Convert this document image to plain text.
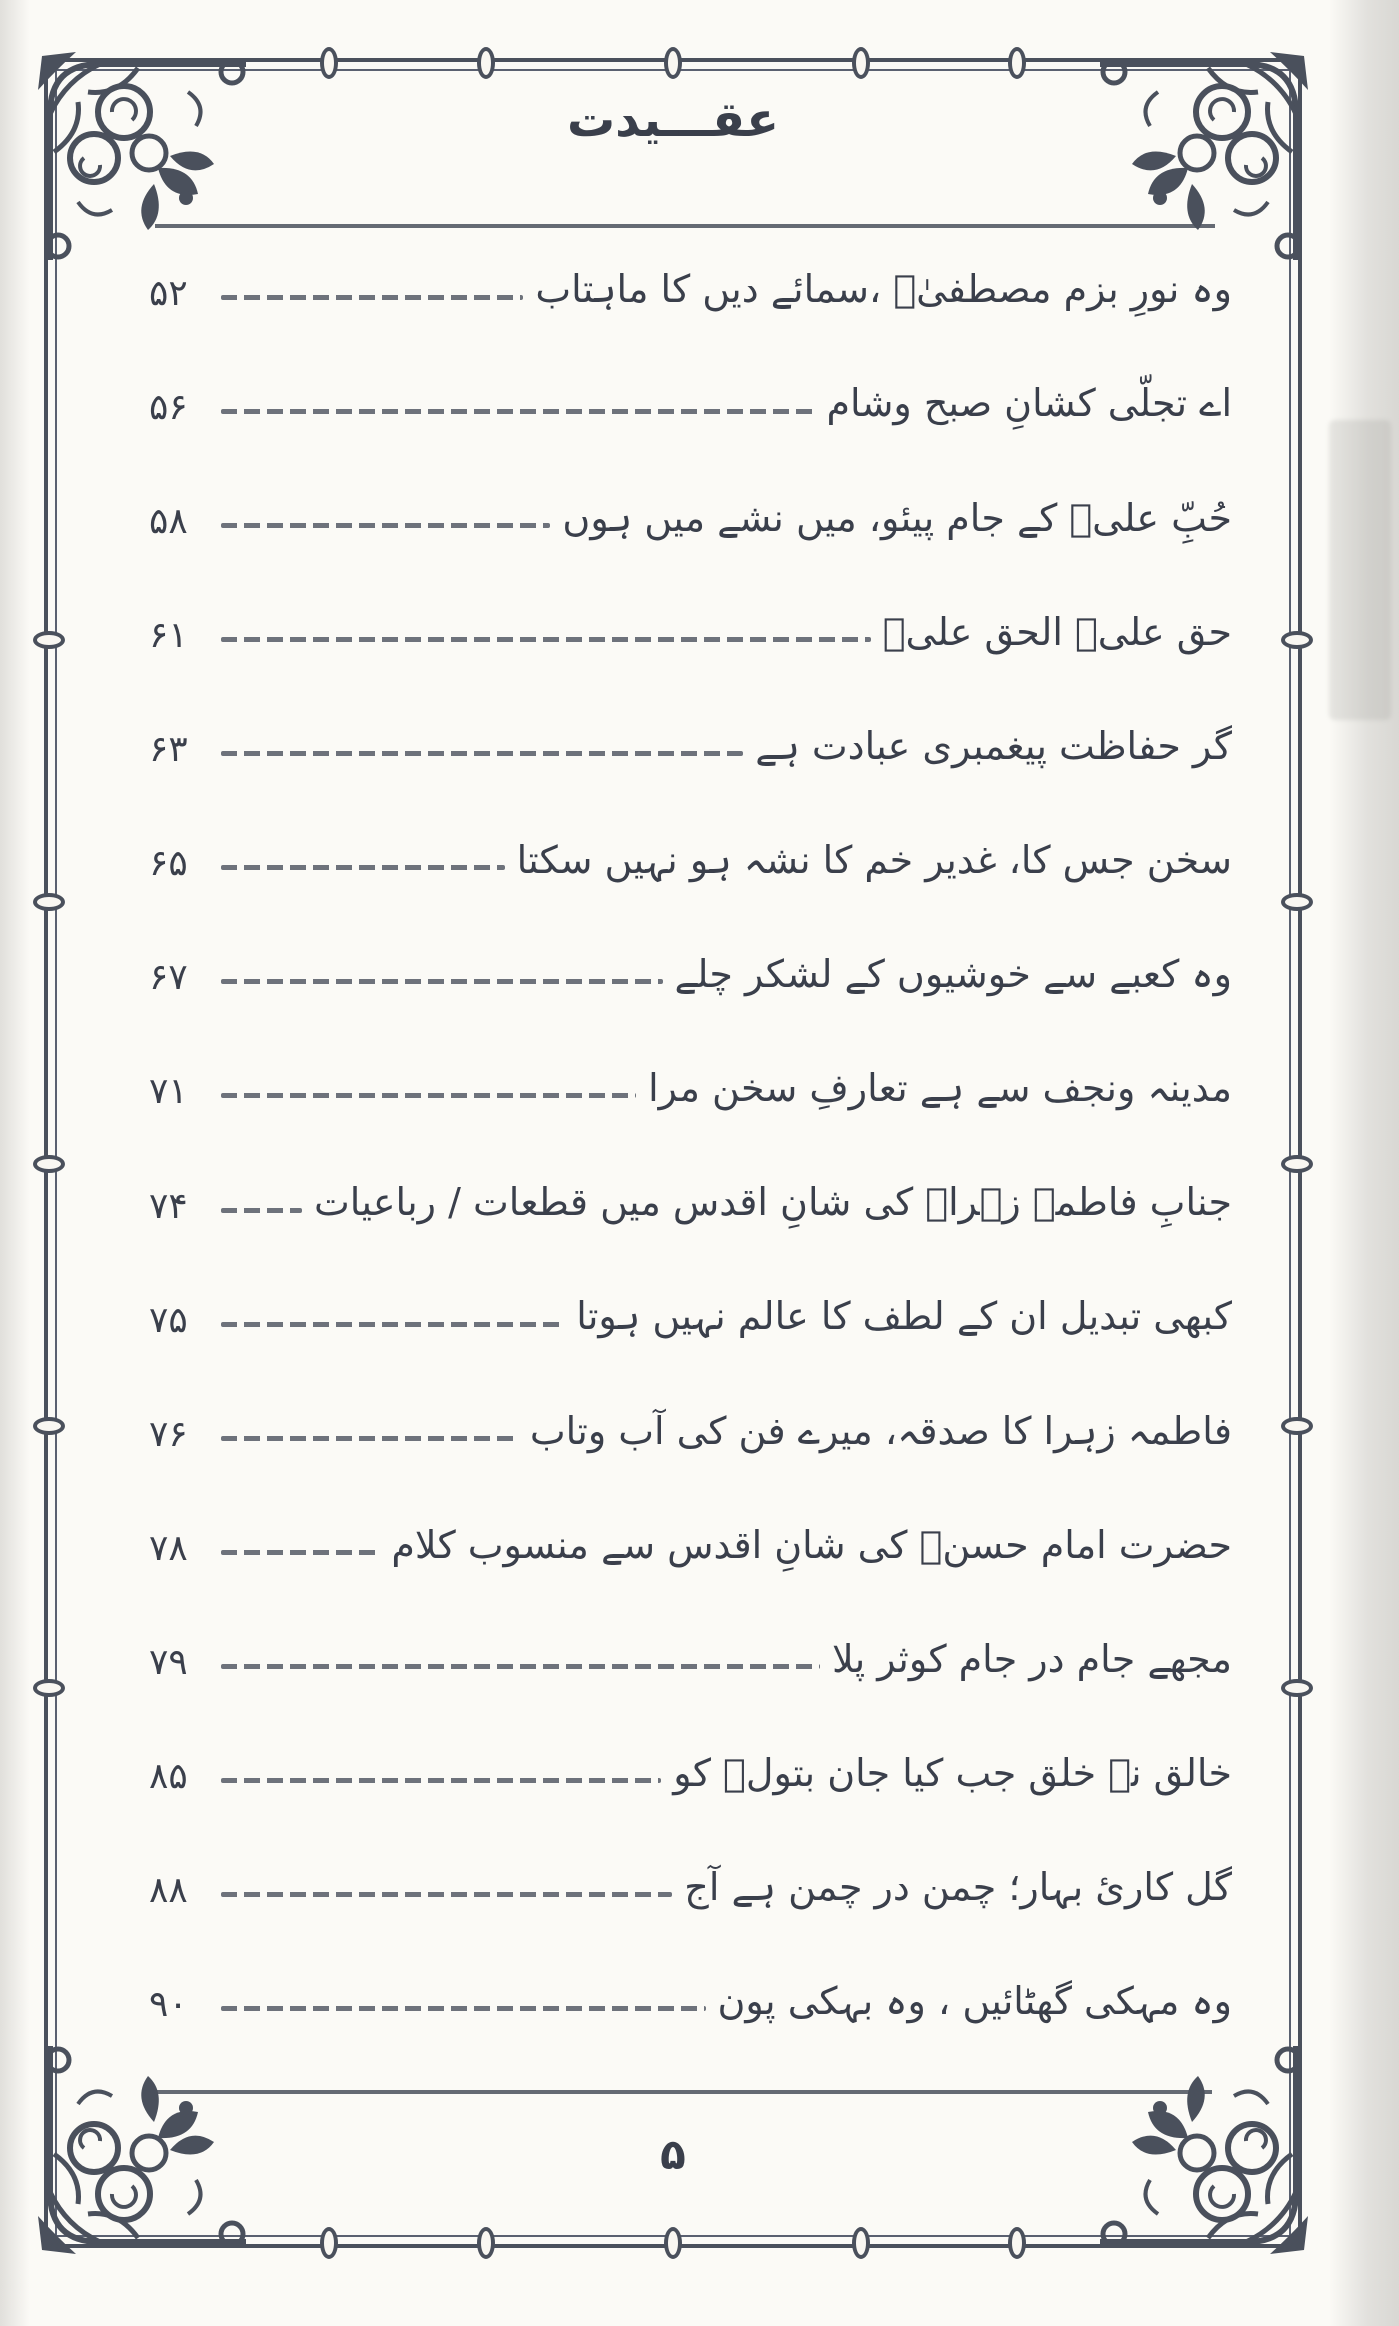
عقـــیدت
وہ نورِ بزم مصطفیٰؐ ،سمائے دیں کا ماہتاب
۵۲
اے تجلّی کشانِ صبح وشام
۵۶
حُبِّ علیؑ کے جام پیئو، میں نشے میں ہوں
۵۸
حق علیؑ الحق علیؑ
۶۱
گر حفاظت پیغمبری عبادت ہے
۶۳
سخن جس کا، غدیر خم کا نشہ ہو نہیں سکتا
۶۵
وہ کعبے سے خوشیوں کے لشکر چلے
۶۷
مدینہ ونجف سے ہے تعارفِ سخن مرا
۷۱
جنابِ فاطمہ زہراؑ کی شانِ اقدس میں قطعات / رباعیات
۷۴
کبھی تبدیل ان کے لطف کا عالم نہیں ہوتا
۷۵
فاطمہ زہرا کا صدقہ، میرے فن کی آب وتاب
۷۶
حضرت امام حسنؑ کی شانِ اقدس سے منسوب کلام
۷۸
مجھے جام در جام کوثر پلا
۷۹
خالق نے خلق جب کیا جان بتولؑ کو
۸۵
گل کاریٔ بہار؛ چمن در چمن ہے آج
۸۸
وہ مہکی گھٹائیں ، وہ بہکی پون
۹۰
۵
